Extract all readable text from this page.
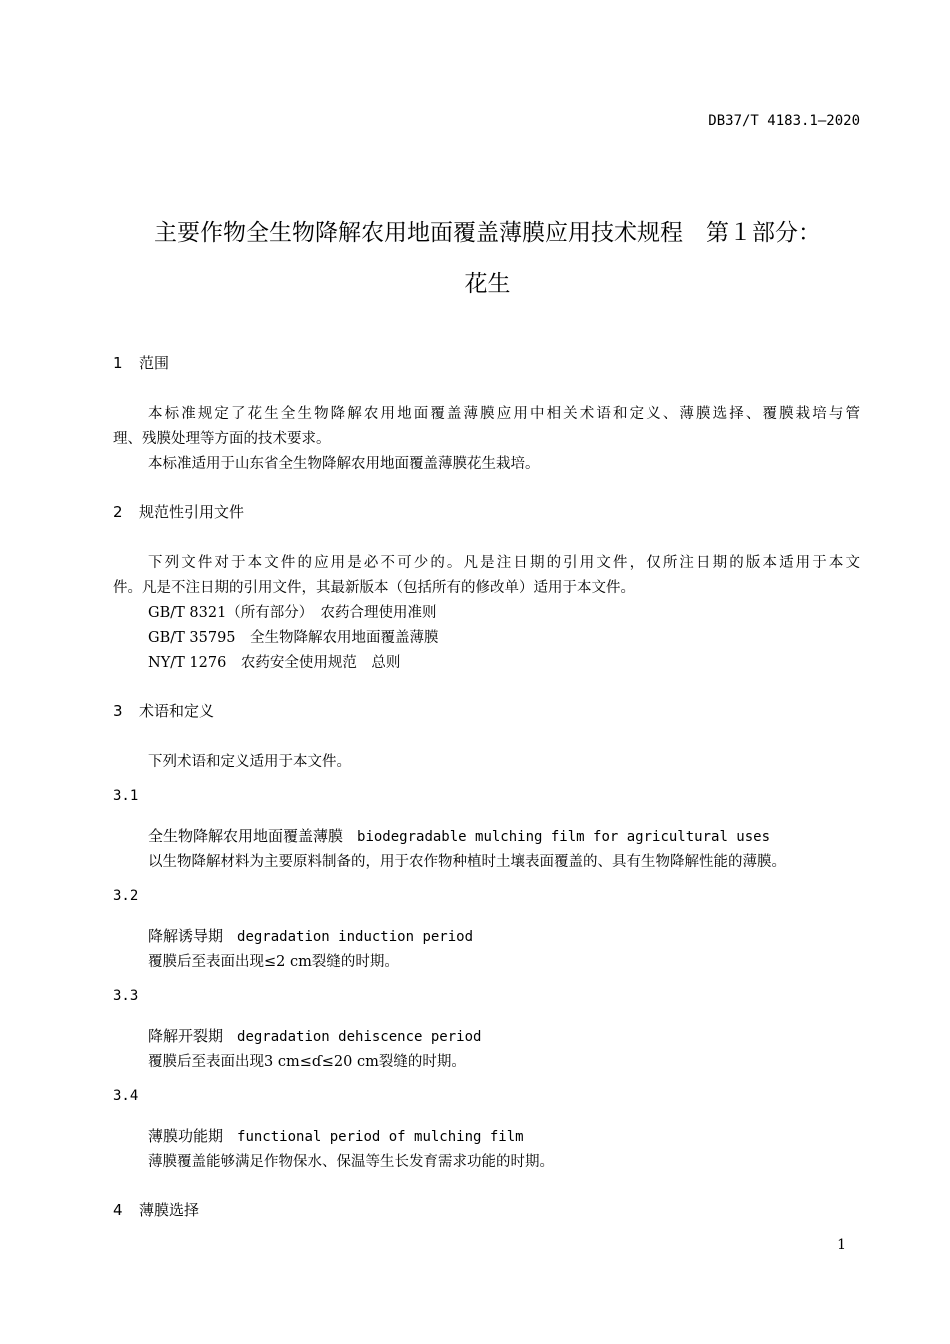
DB37/T 4183.1—2020
主要作物全生物降解农用地面覆盖薄膜应用技术规程　第１部分：
花生
1 范围
本标准规定了花生全生物降解农用地面覆盖薄膜应用中相关术语和定义、薄膜选择、覆膜栽培与管
理、残膜处理等方面的技术要求。
本标准适用于山东省全生物降解农用地面覆盖薄膜花生栽培。
2 规范性引用文件
下列文件对于本文件的应用是必不可少的。凡是注日期的引用文件，仅所注日期的版本适用于本文
件。凡是不注日期的引用文件，其最新版本（包括所有的修改单）适用于本文件。
GB/T 8321（所有部分）　农药合理使用准则
GB/T 35795　全生物降解农用地面覆盖薄膜
NY/T 1276　农药安全使用规范　总则
3 术语和定义
下列术语和定义适用于本文件。
3.1
全生物降解农用地面覆盖薄膜 biodegradable mulching film for agricultural uses
以生物降解材料为主要原料制备的，用于农作物种植时土壤表面覆盖的、具有生物降解性能的薄膜。
3.2
降解诱导期 degradation induction period
覆膜后至表面出现≤2 cm裂缝的时期。
3.3
降解开裂期 degradation dehiscence period
覆膜后至表面出现3 cm≤ɗ≤20 cm裂缝的时期。
3.4
薄膜功能期 functional period of mulching film
薄膜覆盖能够满足作物保水、保温等生长发育需求功能的时期。
4 薄膜选择
1
